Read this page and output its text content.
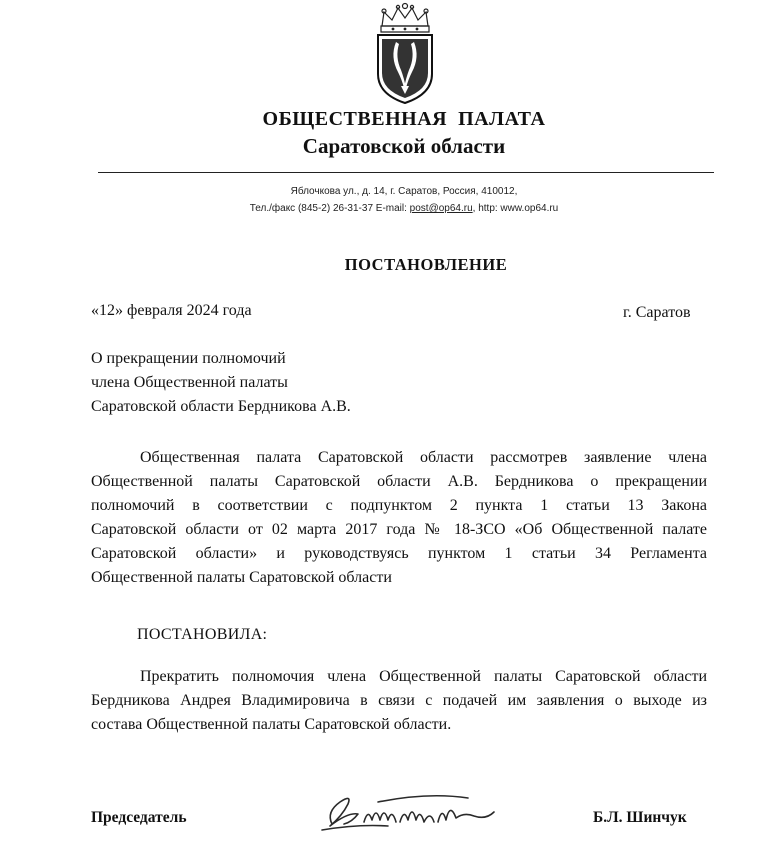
ОБЩЕСТВЕННАЯ  ПАЛАТА
Саратовской области
Яблочкова ул., д. 14, г. Саратов, Россия, 410012,
Тел./факс (845-2) 26-31-37 E-mail: post@op64.ru, http: www.op64.ru
ПОСТАНОВЛЕНИЕ
«12» февраля 2024 года	г. Саратов
О прекращении полномочий
члена Общественной палаты
Саратовской области Бердникова А.В.
Общественная палата Саратовской области рассмотрев заявление члена
Общественной палаты Саратовской области А.В. Бердникова о прекращении
полномочий в соответствии с подпунктом 2 пункта 1 статьи 13 Закона
Саратовской области от 02 марта 2017 года № 18-ЗСО «Об Общественной палате
Саратовской области» и руководствуясь пунктом 1 статьи 34 Регламента
Общественной палаты Саратовской области
ПОСТАНОВИЛА:
Прекратить полномочия члена Общественной палаты Саратовской области
Бердникова Андрея Владимировича в связи с подачей им заявления о выходе из
состава Общественной палаты Саратовской области.
Председатель	Б.Л. Шинчук
